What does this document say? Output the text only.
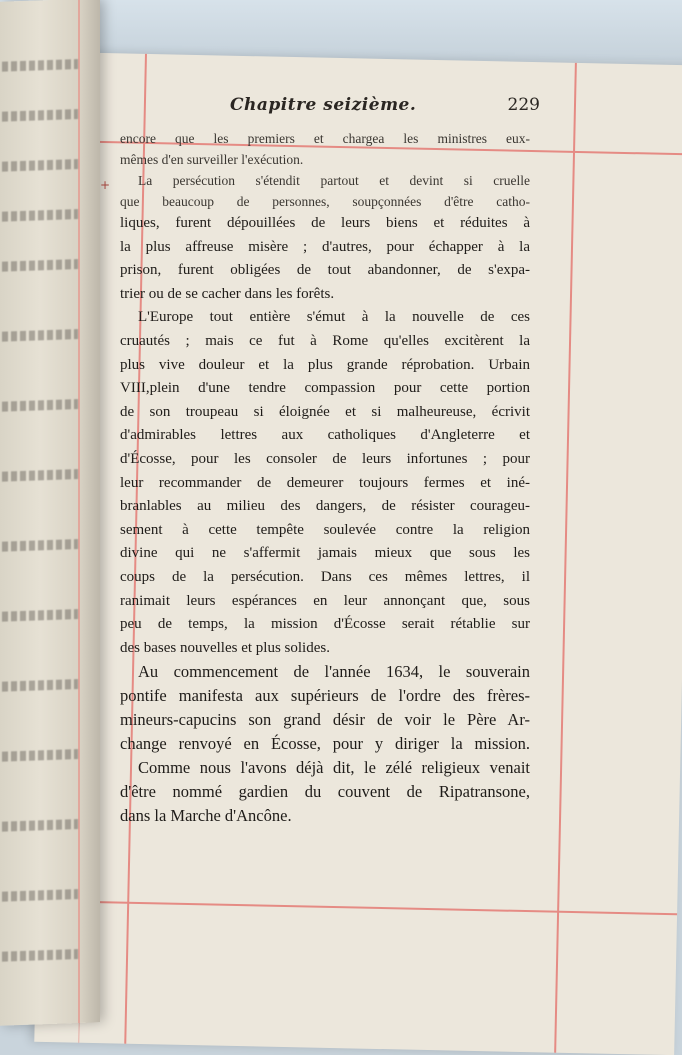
+
Chapitre seizième.	229
encore que les premiers et chargea les ministres eux-
mêmes d'en surveiller l'exécution.
La persécution s'étendit partout et devint si cruelle
que beaucoup de personnes, soupçonnées d'être catho-
liques, furent dépouillées de leurs biens et réduites à
la plus affreuse misère ; d'autres, pour échapper à la
prison, furent obligées de tout abandonner, de s'expa-
trier ou de se cacher dans les forêts.
L'Europe tout entière s'émut à la nouvelle de ces
cruautés ; mais ce fut à Rome qu'elles excitèrent la
plus vive douleur et la plus grande réprobation. Urbain
VIII,plein d'une tendre compassion pour cette portion
de son troupeau si éloignée et si malheureuse, écrivit
d'admirables lettres aux catholiques d'Angleterre et
d'Écosse, pour les consoler de leurs infortunes ; pour
leur recommander de demeurer toujours fermes et iné-
branlables au milieu des dangers, de résister courageu-
sement à cette tempête soulevée contre la religion
divine qui ne s'affermit jamais mieux que sous les
coups de la persécution. Dans ces mêmes lettres, il
ranimait leurs espérances en leur annonçant que, sous
peu de temps, la mission d'Écosse serait rétablie sur
des bases nouvelles et plus solides.
Au commencement de l'année 1634, le souverain
pontife manifesta aux supérieurs de l'ordre des frères-
mineurs-capucins son grand désir de voir le Père Ar-
change renvoyé en Écosse, pour y diriger la mission.
Comme nous l'avons déjà dit, le zélé religieux venait
d'être nommé gardien du couvent de Ripatransone,
dans la Marche d'Ancône.
